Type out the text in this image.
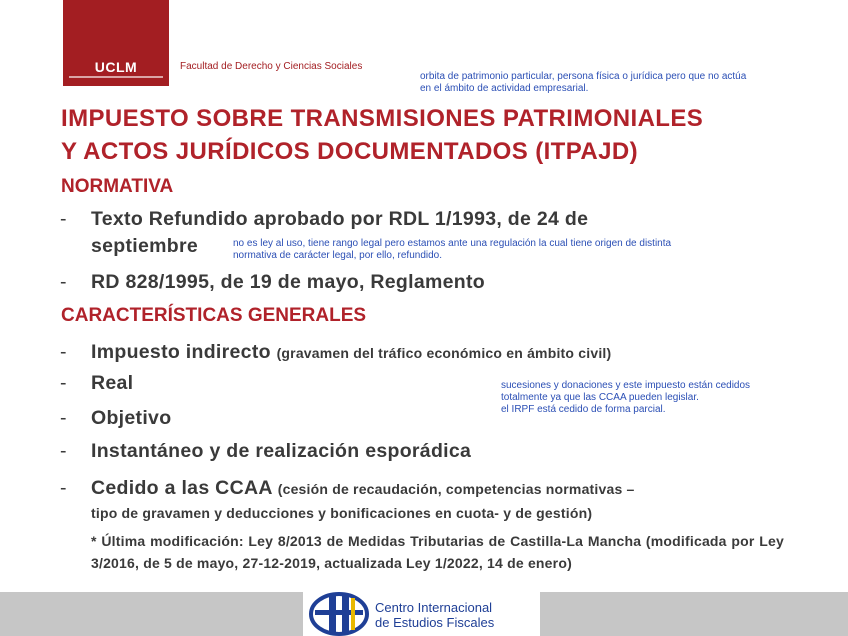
UCLM	Facultad de Derecho y Ciencias Sociales
orbita de patrimonio particular, persona física o jurídica pero que no actúa
en el ámbito de actividad empresarial.
IMPUESTO SOBRE TRANSMISIONES PATRIMONIALES
Y ACTOS JURÍDICOS DOCUMENTADOS (ITPAJD)
NORMATIVA
- Texto Refundido aprobado por RDL 1/1993, de 24 de
septiembre	no es ley al uso, tiene rango legal pero estamos ante una regulación la cual tiene origen de distinta
normativa de carácter legal, por ello, refundido.
- RD 828/1995, de 19 de mayo, Reglamento
CARACTERÍSTICAS GENERALES
- Impuesto indirecto (gravamen del tráfico económico en ámbito civil)
- Real	sucesiones y donaciones y este impuesto están cedidos
totalmente ya que las CCAA pueden legislar.
el IRPF está cedido de forma parcial.
- Objetivo
- Instantáneo y de realización esporádica
- Cedido a las CCAA (cesión de recaudación, competencias normativas –
tipo de gravamen y deducciones y bonificaciones en cuota- y de gestión)
* Última modificación: Ley 8/2013 de Medidas Tributarias de Castilla-La Mancha (modificada por Ley 3/2016, de 5 de mayo, 27-12-2019, actualizada Ley 1/2022, 14 de enero)
Centro Internacional
de Estudios Fiscales
